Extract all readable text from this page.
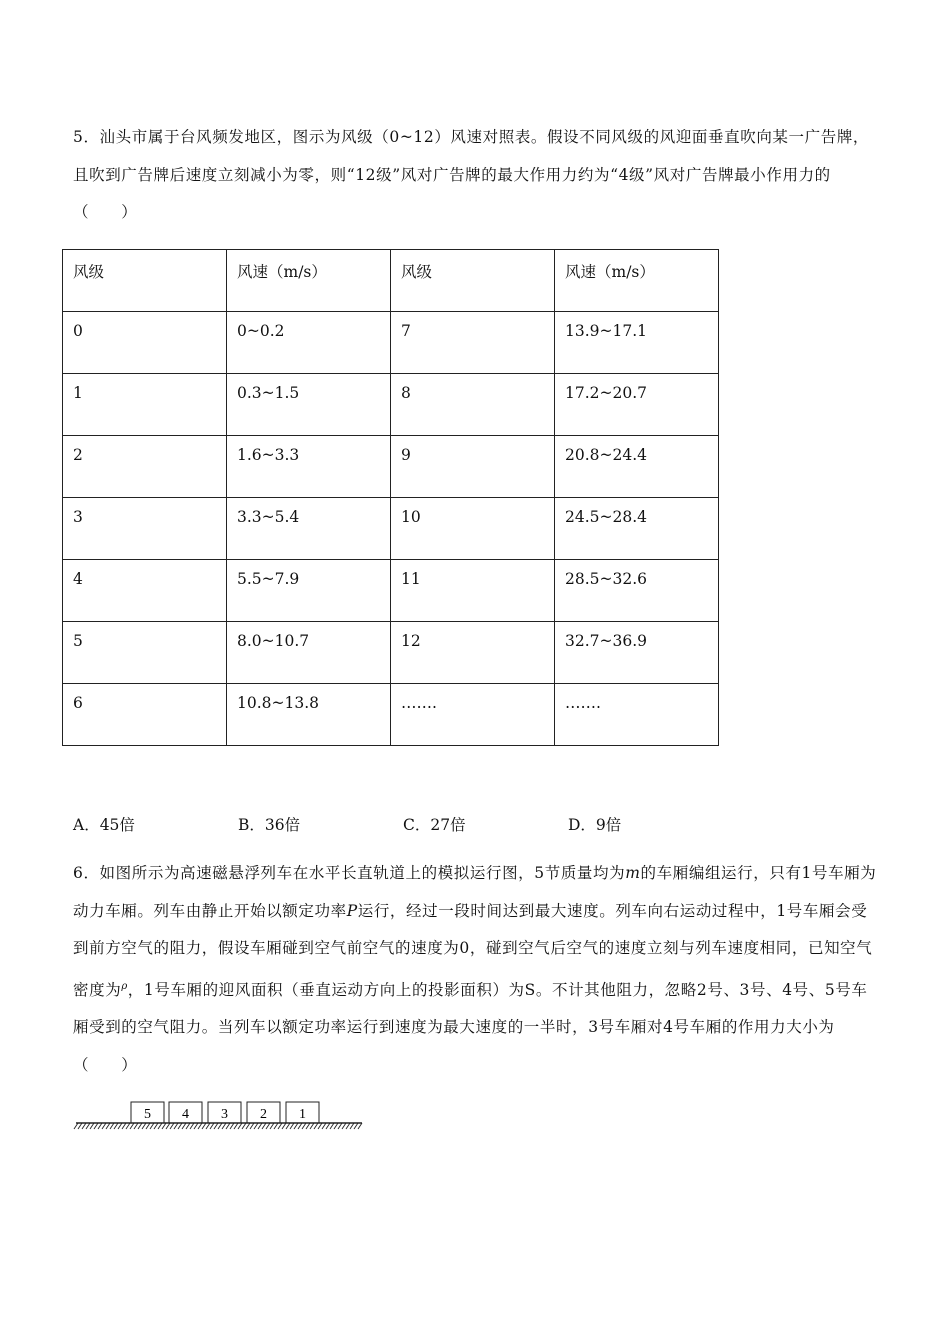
5．汕头市属于台风频发地区，图示为风级（0~12）风速对照表。假设不同风级的风迎面垂直吹向某一广告牌，且吹到广告牌后速度立刻减小为零，则“12级”风对广告牌的最大作用力约为“4级”风对广告牌最小作用力的（　　）
风级	风速（m/s）	风级	风速（m/s）
0	0~0.2	7	13.9~17.1
1	0.3~1.5	8	17.2~20.7
2	1.6~3.3	9	20.8~24.4
3	3.3~5.4	10	24.5~28.4
4	5.5~7.9	11	28.5~32.6
5	8.0~10.7	12	32.7~36.9
6	10.8~13.8	…….	…….
A．45倍	B．36倍	C．27倍	D．9倍
6．如图所示为高速磁悬浮列车在水平长直轨道上的模拟运行图，5节质量均为m的车厢编组运行，只有1号车厢为动力车厢。列车由静止开始以额定功率P运行，经过一段时间达到最大速度。列车向右运动过程中，1号车厢会受到前方空气的阻力，假设车厢碰到空气前空气的速度为0，碰到空气后空气的速度立刻与列车速度相同，已知空气密度为$^\rho$，1号车厢的迎风面积（垂直运动方向上的投影面积）为S。不计其他阻力，忽略2号、3号、4号、5号车厢受到的空气阻力。当列车以额定功率运行到速度为最大速度的一半时，3号车厢对4号车厢的作用力大小为（　　）
5 4 3 2 1
